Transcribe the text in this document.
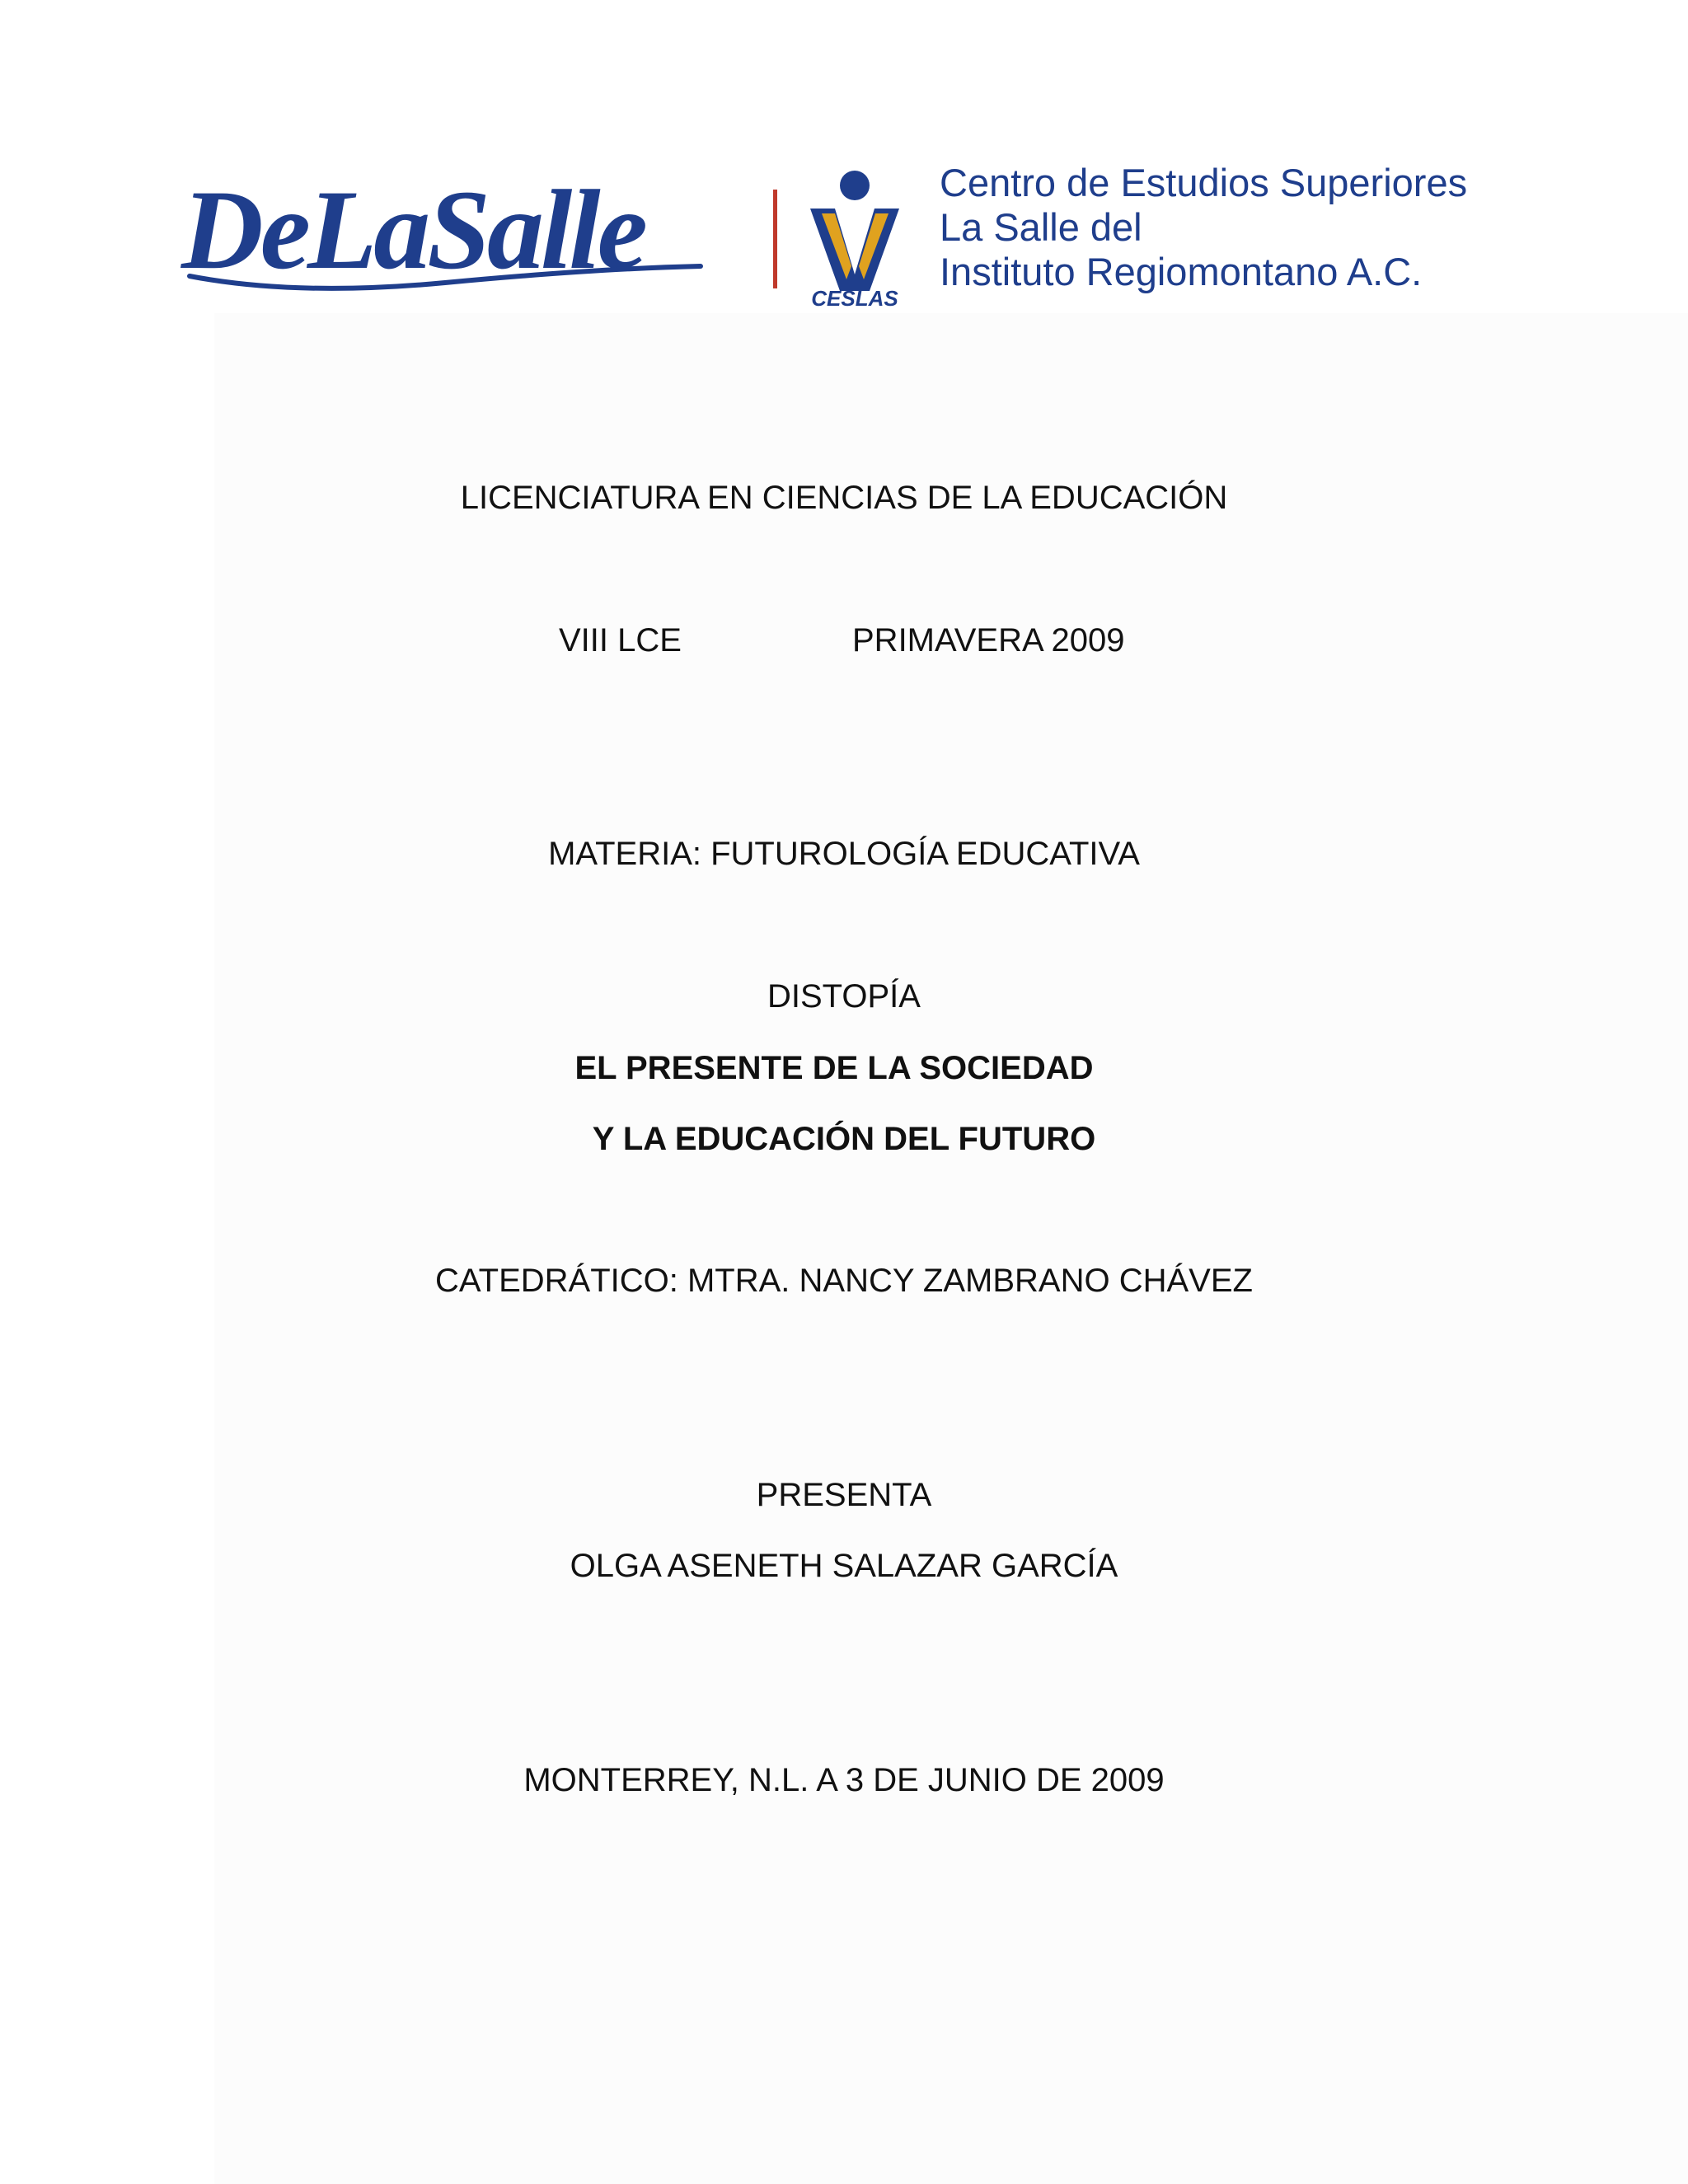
DeLaSalle
CESLAS
Centro de Estudios Superiores
La Salle del
Instituto Regiomontano A.C.
LICENCIATURA EN CIENCIAS DE LA EDUCACIÓN
VIII LCE	PRIMAVERA 2009
MATERIA: FUTUROLOGÍA EDUCATIVA
DISTOPÍA
EL PRESENTE DE LA SOCIEDAD
Y LA EDUCACIÓN DEL FUTURO
CATEDRÁTICO: MTRA. NANCY ZAMBRANO CHÁVEZ
PRESENTA
OLGA ASENETH SALAZAR GARCÍA
MONTERREY, N.L. A 3 DE JUNIO DE 2009
